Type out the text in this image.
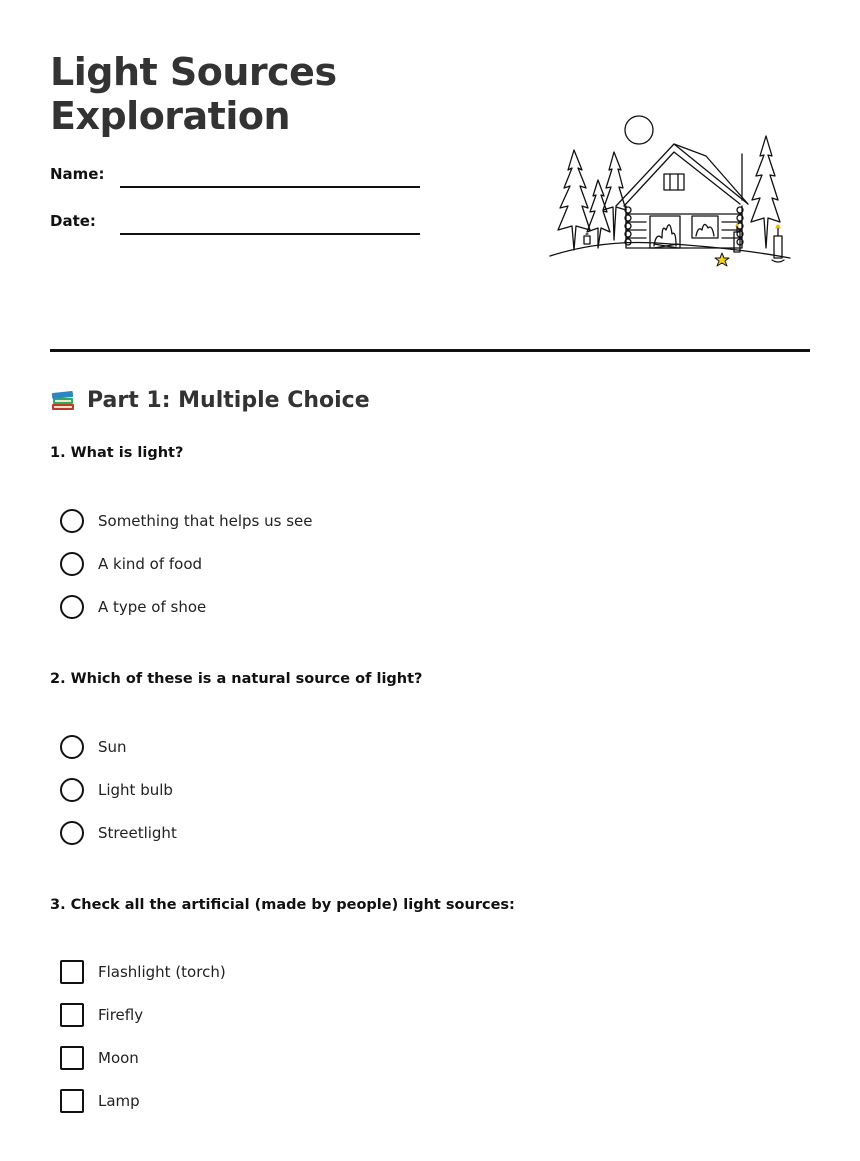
Light Sources
Exploration
Name:
Date:
Part 1: Multiple Choice
1. What is light?
Something that helps us see
A kind of food
A type of shoe
2. Which of these is a natural source of light?
Sun
Light bulb
Streetlight
3. Check all the artificial (made by people) light sources:
Flashlight (torch)
Firefly
Moon
Lamp
